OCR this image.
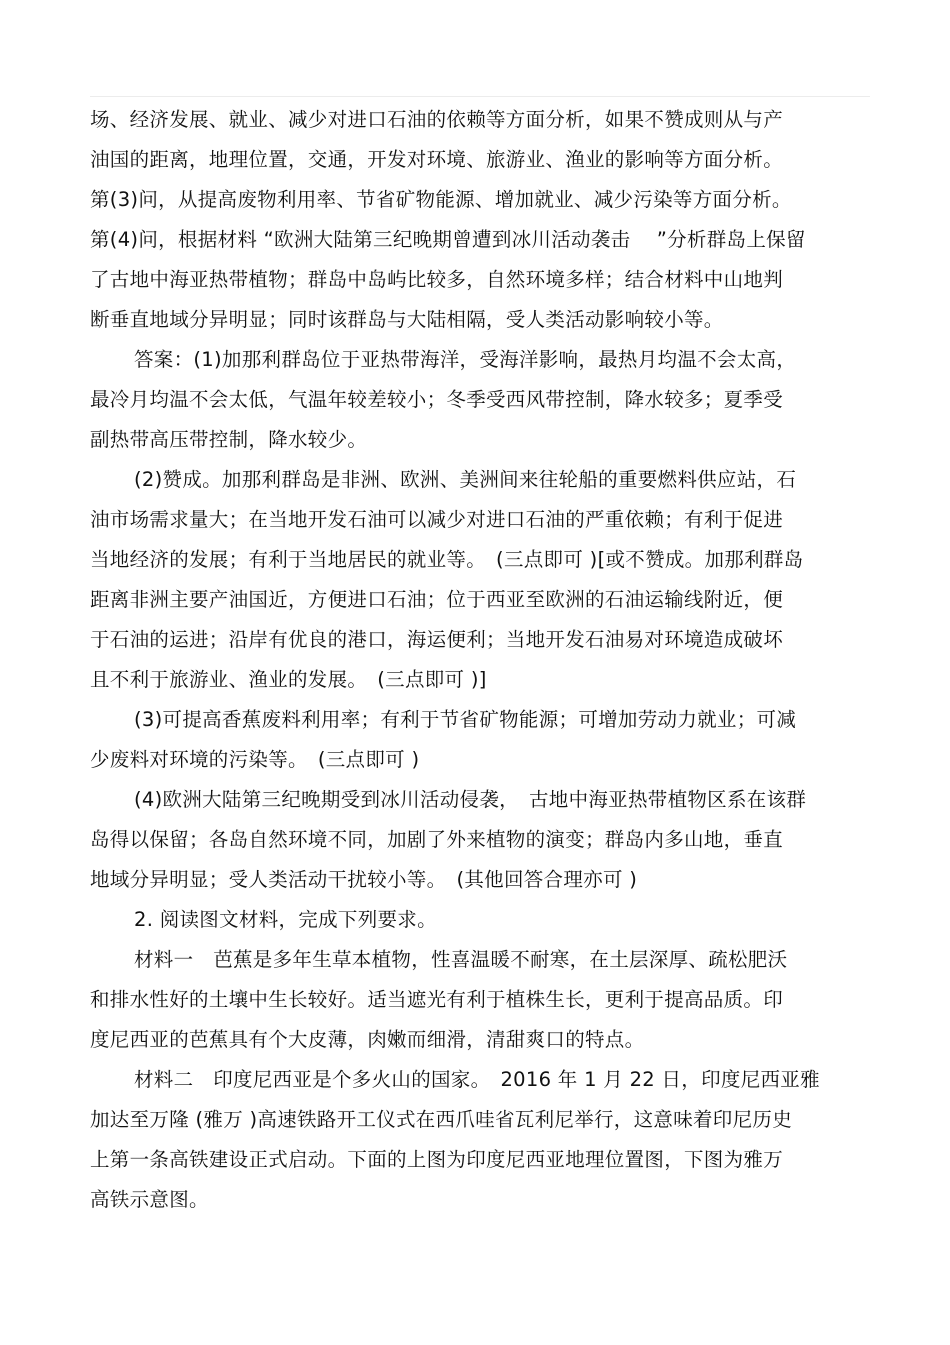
场、经济发展、就业、减少对进口石油的依赖等方面分析，如果不赞成则从与产
油国的距离，地理位置，交通，开发对环境、旅游业、渔业的影响等方面分析。
第(3)问，从提高废物利用率、节省矿物能源、增加就业、减少污染等方面分析。
第(4)问，根据材料 “欧洲大陆第三纪晚期曾遭到冰川活动袭击　 ”分析群岛上保留
了古地中海亚热带植物；群岛中岛屿比较多，自然环境多样；结合材料中山地判
断垂直地域分异明显；同时该群岛与大陆相隔，受人类活动影响较小等。
答案：(1)加那利群岛位于亚热带海洋，受海洋影响，最热月均温不会太高，
最冷月均温不会太低，气温年较差较小；冬季受西风带控制，降水较多；夏季受
副热带高压带控制，降水较少。
(2)赞成。加那利群岛是非洲、欧洲、美洲间来往轮船的重要燃料供应站，石
油市场需求量大；在当地开发石油可以减少对进口石油的严重依赖；有利于促进
当地经济的发展；有利于当地居民的就业等。　(三点即可 )[或不赞成。加那利群岛
距离非洲主要产油国近，方便进口石油；位于西亚至欧洲的石油运输线附近，便
于石油的运进；沿岸有优良的港口，海运便利；当地开发石油易对环境造成破坏
且不利于旅游业、渔业的发展。　(三点即可 )]
(3)可提高香蕉废料利用率；有利于节省矿物能源；可增加劳动力就业；可减
少废料对环境的污染等。　(三点即可 )
(4)欧洲大陆第三纪晚期受到冰川活动侵袭，　古地中海亚热带植物区系在该群
岛得以保留；各岛自然环境不同，加剧了外来植物的演变；群岛内多山地，垂直
地域分异明显；受人类活动干扰较小等。　(其他回答合理亦可 )
2. 阅读图文材料，完成下列要求。
材料一　芭蕉是多年生草本植物，性喜温暖不耐寒，在土层深厚、疏松肥沃
和排水性好的土壤中生长较好。适当遮光有利于植株生长，更利于提高品质。印
度尼西亚的芭蕉具有个大皮薄，肉嫩而细滑，清甜爽口的特点。
材料二　印度尼西亚是个多火山的国家。　2016 年 1 月 22 日，印度尼西亚雅
加达至万隆 (雅万 )高速铁路开工仪式在西爪哇省瓦利尼举行，这意味着印尼历史
上第一条高铁建设正式启动。下面的上图为印度尼西亚地理位置图，下图为雅万
高铁示意图。
